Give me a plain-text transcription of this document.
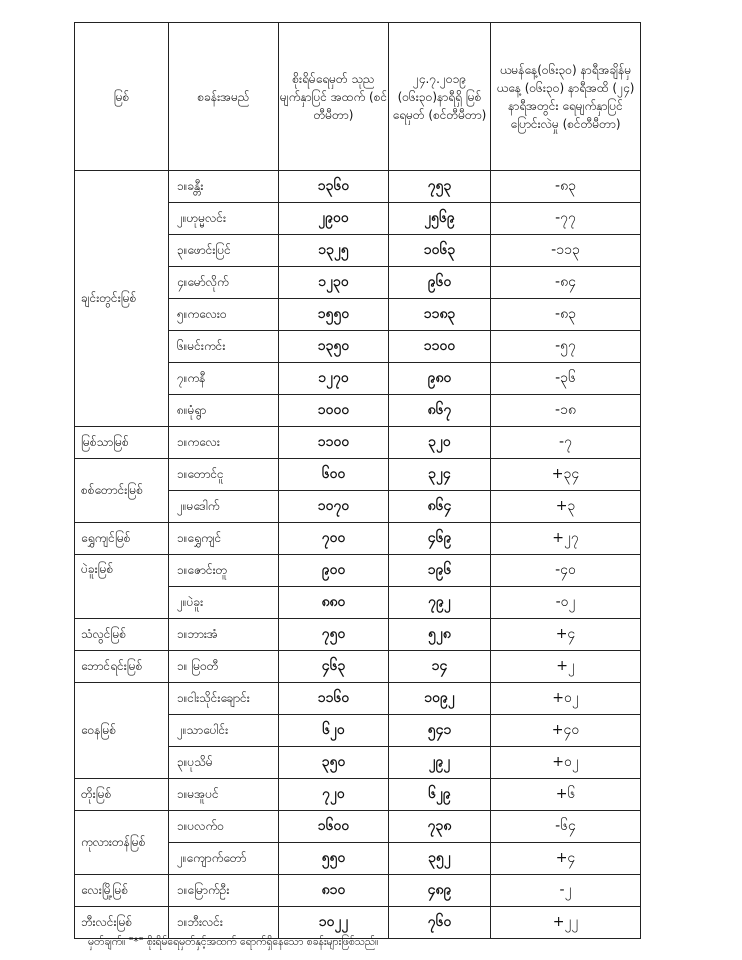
မြစ်	စခန်းအမည်	စိုးရိမ်ရေမှတ် သုည မျက်နှာပြင် အထက် (စင်တီမီတာ)	၂၄.၇.၂၀၁၉ (၀၆း၃၀)နာရီရှိ မြစ်ရေမှတ် (စင်တီမီတာ)	ယမန်နေ့(၀၆း၃၀) နာရီအချိန်မှ ယနေ့ (၀၆း၃၀) နာရီအထိ (၂၄) နာရီအတွင်း ရေမျက်နှာပြင်ပြောင်းလဲမှု (စင်တီမီတာ)
ချင်းတွင်းမြစ်	၁။ခန္တီး	၁၃၆၀	၇၅၃	-၈၃
	၂။ဟုမ္မလင်း	၂၉၀၀	၂၅၆၉	-၇၇
	၃။ဖောင်းပြင်	၁၃၂၅	၁၀၆၃	-၁၁၃
	၄။မော်လိုက်	၁၂၃၀	၉၆၀	-၈၄
	၅။ကလေးဝ	၁၅၅၀	၁၁၈၃	-၈၃
	၆။မင်းကင်း	၁၃၅၀	၁၁၀၀	-၅၇
	၇။ကနီ	၁၂၇၀	၉၈၀	-၃၆
	၈။မုံရွာ	၁၀၀၀	၈၆၇	-၁၈
မြစ်သာမြစ်	၁။ကလေး	၁၁၀၀	၃၂၀	-၇
စစ်တောင်းမြစ်	၁။တောင်ငူ	၆၀၀	၃၂၄	+၃၄
	၂။မဒေါက်	၁၀၇၀	၈၆၄	+၃
ရွှေကျင်မြစ်	၁။ရွှေကျင်	၇၀၀	၄၆၉	+၂၇
ပဲခူးမြစ်	၁။ဇောင်းတူ	၉၀၀	၁၉၆	-၄၀
	၂။ပဲခူး	၈၈၀	၇၉၂	-၀၂
သံလွင်မြစ်	၁။ဘားအံ	၇၅၀	၅၂၈	+၄
ဘောင်ရင်းမြစ်	၁။ မြဝတီ	၄၆၃	၁၄	+၂
ဝေနမြစ်	၁။ငါးသိုင်းချောင်း	၁၁၆၀	၁၀၉၂	+၀၂
	၂။သာပေါင်း	၆၂၀	၅၄၁	+၄၀
	၃။ပုသိမ်	၃၅၀	၂၉၂	+၀၂
တိုးမြစ်	၁။မအူပင်	၇၂၀	၆၂၉	+၆
ကုလားတန်မြစ်	၁။ပလက်ဝ	၁၆၀၀	၇၃၈	-၆၄
	၂။ကျောက်တော်	၅၅၀	၃၅၂	+၄
လေးမြို့မြစ်	၁။မြောက်ဦး	၈၁၀	၄၈၉	-၂
ဘီးလင်းမြစ်	၁။ဘီးလင်း	၁၀၂၂	၇၆၀	+၂၂
မှတ်ချက်။ "*" စိုးရိမ်ရေမှတ်နှင့်အထက် ရောက်ရှိနေသော စခန်းများဖြစ်သည်။
